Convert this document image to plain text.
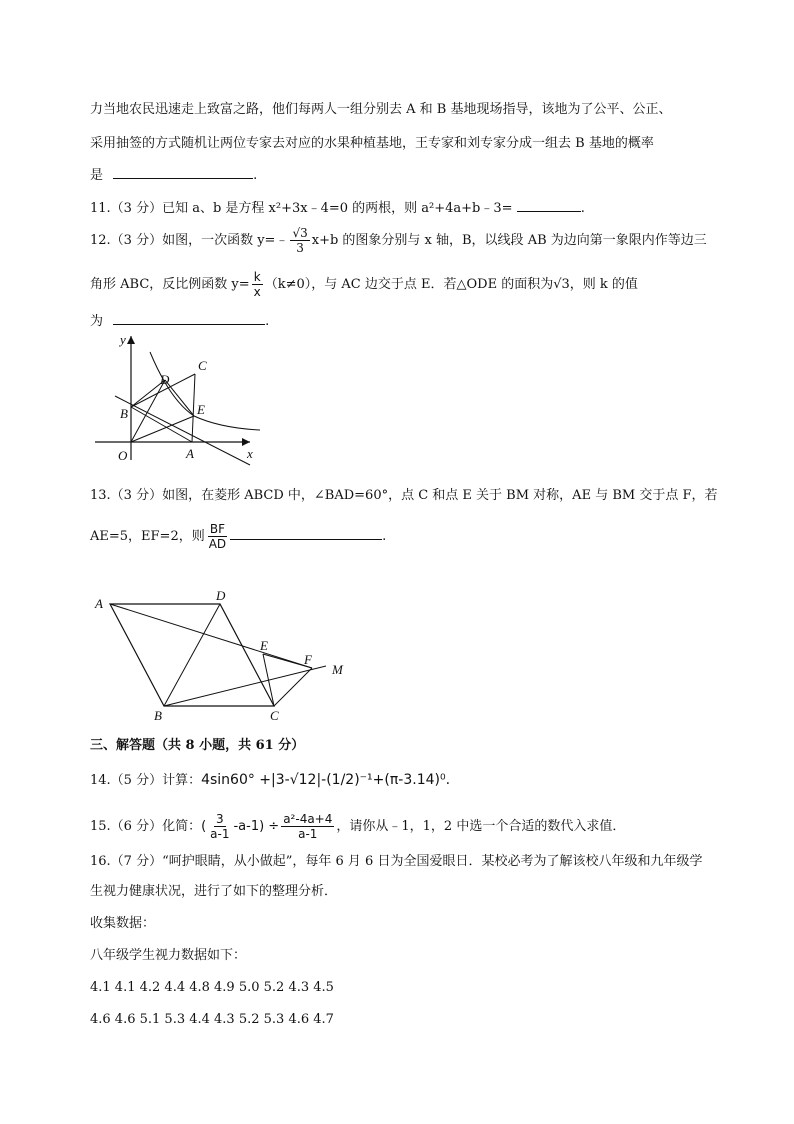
力当地农民迅速走上致富之路，他们每两人一组分别去 A 和 B 基地现场指导，该地为了公平、公正、
采用抽签的方式随机让两位专家去对应的水果种植基地，王专家和刘专家分成一组去 B 基地的概率
是	.
11.（3 分）已知 a、b 是方程 x²+3x﹣4=0 的两根，则 a²+4a+b﹣3=	.
12.（3 分）如图，一次函数 y=﹣ $\frac{√3}{3} x+b$ 的图象分别与 x 轴，B，以线段 AB 为边向第一象限内作等边三
角形 ABC，反比例函数 $y= \frac{k}{x} (k\ne 0)$，与 AC 边交于点 E．若△ODE 的面积为√3，则 k 的值
为	.
y
C
D
B	E
O	A	x
13.（3 分）如图，在菱形 ABCD 中，∠BAD=60°，点 C 和点 E 关于 BM 对称，AE 与 BM 交于点 F，若
AE=5，EF=2，则 $\frac{BF}{AD}$	.
A
D
E
F
M
B	C
三、解答题（共 8 小题，共 61 分）
14.（5 分）计算：4sin60° +|3-√12|-(1/2)⁻¹+(π-3.14)⁰.
15.（6 分）化简：( $\frac{3}{a-1} -a-1) \div \frac{\text{a²-4a+4}}{a-1}$ ，请你从﹣1，1，2 中选一个合适的数代入求值．
16.（7 分）“呵护眼睛，从小做起”，每年 6 月 6 日为全国爱眼日．某校必考为了解该校八年级和九年级学
生视力健康状况，进行了如下的整理分析．
收集数据：
八年级学生视力数据如下：
4.1 4.1 4.2 4.4 4.8 4.9 5.0 5.2 4.3 4.5
4.6 4.6 5.1 5.3 4.4 4.3 5.2 5.3 4.6 4.7
